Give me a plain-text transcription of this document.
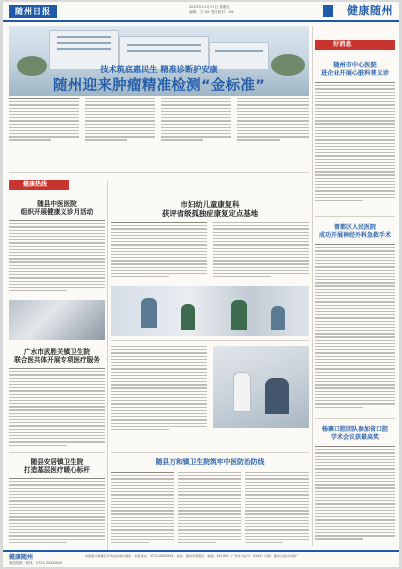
随州日报	2023年11月17日 星期五
编辑：王 XX 责任校对：XX	健康随州
技术筑底惠民生 精准诊断护安康
随州迎来肿瘤精准检测“金标准”
好消息
随州市中心医院
进企业开展心脏科普义诊
健康热线
随县中医医院
组织开展健康义诊月活动
市妇幼儿童康复科
获评省级孤独症康复定点基地
广水市武胜关镇卫生院
联合医共体开展专项医疗服务
随县安居镇卫生院
打造基层医疗暖心标杆
随县万和镇卫生院筑牢中医防治防线
曾都区人民医院
成功开展神经外科急救手术
杨寨口腔团队参加省口腔
学术会议获最高奖
健康随州
欢迎投稿 · 热线：0722-3XXXXXX
本版图片除署名外均由各单位提供 · 本报热线：0722-XXXXXXX · 地址：随州市曾都区 · 邮编：441300 · 广告许可证号：XXXX · 印刷：随州日报社印刷厂
